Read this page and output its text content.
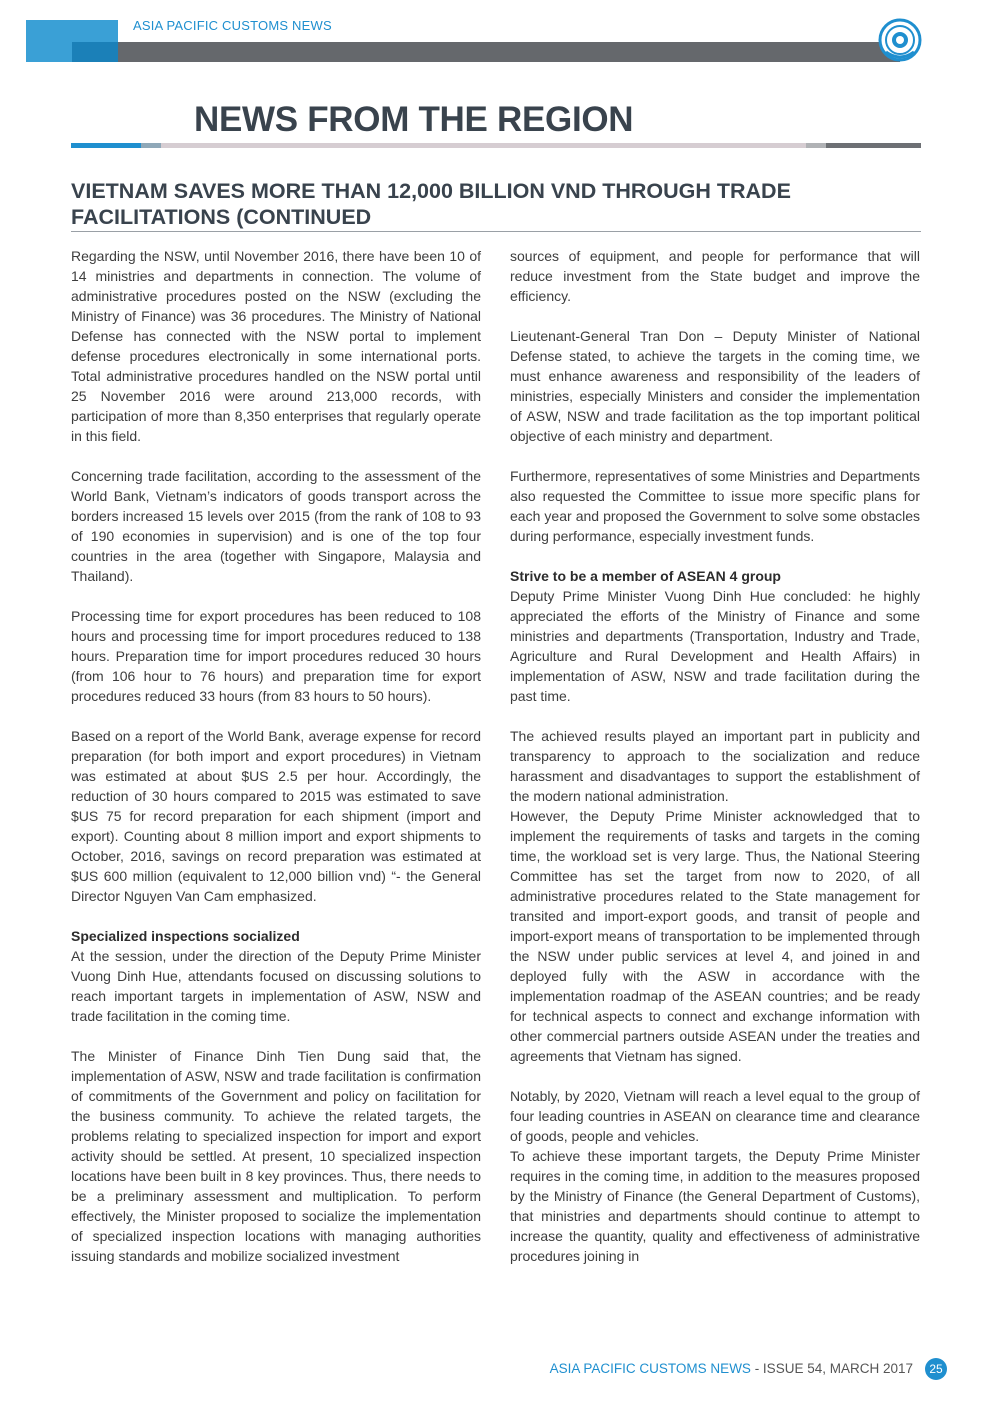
ASIA PACIFIC CUSTOMS NEWS
NEWS FROM THE REGION
VIETNAM SAVES MORE THAN 12,000 BILLION VND THROUGH TRADE FACILITATIONS (CONTINUED

Regarding the NSW, until November 2016, there have been 10 of 14 ministries and departments in connection. The volume of administrative procedures posted on the NSW (excluding the Ministry of Finance) was 36 procedures. The Ministry of National Defense has connected with the NSW portal to implement defense procedures electronically in some international ports. Total administrative procedures handled on the NSW portal until 25 November 2016 were around 213,000 records, with participation of more than 8,350 enterprises that regularly operate in this field.

Concerning trade facilitation, according to the assessment of the World Bank, Vietnam’s indicators of goods transport across the borders increased 15 levels over 2015 (from the rank of 108 to 93 of 190 economies in supervision) and is one of the top four countries in the area (together with Singapore, Malaysia and Thailand).

Processing time for export procedures has been reduced to 108 hours and processing time for import procedures reduced to 138 hours. Preparation time for import procedures reduced 30 hours (from 106 hour to 76 hours) and preparation time for export procedures reduced 33 hours (from 83 hours to 50 hours).

Based on a report of the World Bank, average expense for record preparation (for both import and export procedures) in Vietnam was estimated at about $US 2.5 per hour. Accordingly, the reduction of 30 hours compared to 2015 was estimated to save $US 75 for record preparation for each shipment (import and export). Counting about 8 million import and export shipments to October, 2016, savings on record preparation was estimated at $US 600 million (equivalent to 12,000 billion vnd) “- the General Director Nguyen Van Cam emphasized.

Specialized inspections socialized

At the session, under the direction of the Deputy Prime Minister Vuong Dinh Hue, attendants focused on discussing solutions to reach important targets in implementation of ASW, NSW and trade facilitation in the coming time.

The Minister of Finance Dinh Tien Dung said that, the implementation of ASW, NSW and trade facilitation is confirmation of commitments of the Government and policy on facilitation for the business community. To achieve the related targets, the problems relating to specialized inspection for import and export activity should be settled. At present, 10 specialized inspection locations have been built in 8 key provinces. Thus, there needs to be a preliminary assessment and multiplication. To perform effectively, the Minister proposed to socialize the implementation of specialized inspection locations with managing authorities issuing standards and mobilize socialized investment

sources of equipment, and people for performance that will reduce investment from the State budget and improve the efficiency.

Lieutenant-General Tran Don – Deputy Minister of National Defense stated, to achieve the targets in the coming time, we must enhance awareness and responsibility of the leaders of ministries, especially Ministers and consider the implementation of ASW, NSW and trade facilitation as the top important political objective of each ministry and department.

Furthermore, representatives of some Ministries and Departments also requested the Committee to issue more specific plans for each year and proposed the Government to solve some obstacles during performance, especially investment funds.

Strive to be a member of ASEAN 4 group

Deputy Prime Minister Vuong Dinh Hue concluded: he highly appreciated the efforts of the Ministry of Finance and some ministries and departments (Transportation, Industry and Trade, Agriculture and Rural Development and Health Affairs) in implementation of ASW, NSW and trade facilitation during the past time.

The achieved results played an important part in publicity and transparency to approach to the socialization and reduce harassment and disadvantages to support the establishment of the modern national administration.

However, the Deputy Prime Minister acknowledged that to implement the requirements of tasks and targets in the coming time, the workload set is very large. Thus, the National Steering Committee has set the target from now to 2020, of all administrative procedures related to the State management for transited and import-export goods, and transit of people and import-export means of transportation to be implemented through the NSW under public services at level 4, and joined in and deployed fully with the ASW in accordance with the implementation roadmap of the ASEAN countries; and be ready for technical aspects to connect and exchange information with other commercial partners outside ASEAN under the treaties and agreements that Vietnam has signed.

Notably, by 2020, Vietnam will reach a level equal to the group of four leading countries in ASEAN on clearance time and clearance of goods, people and vehicles.

To achieve these important targets, the Deputy Prime Minister requires in the coming time, in addition to the measures proposed by the Ministry of Finance (the General Department of Customs), that ministries and departments should continue to attempt to increase the quantity, quality and effectiveness of administrative procedures joining in

ASIA PACIFIC CUSTOMS NEWS - ISSUE 54, MARCH 2017	25
